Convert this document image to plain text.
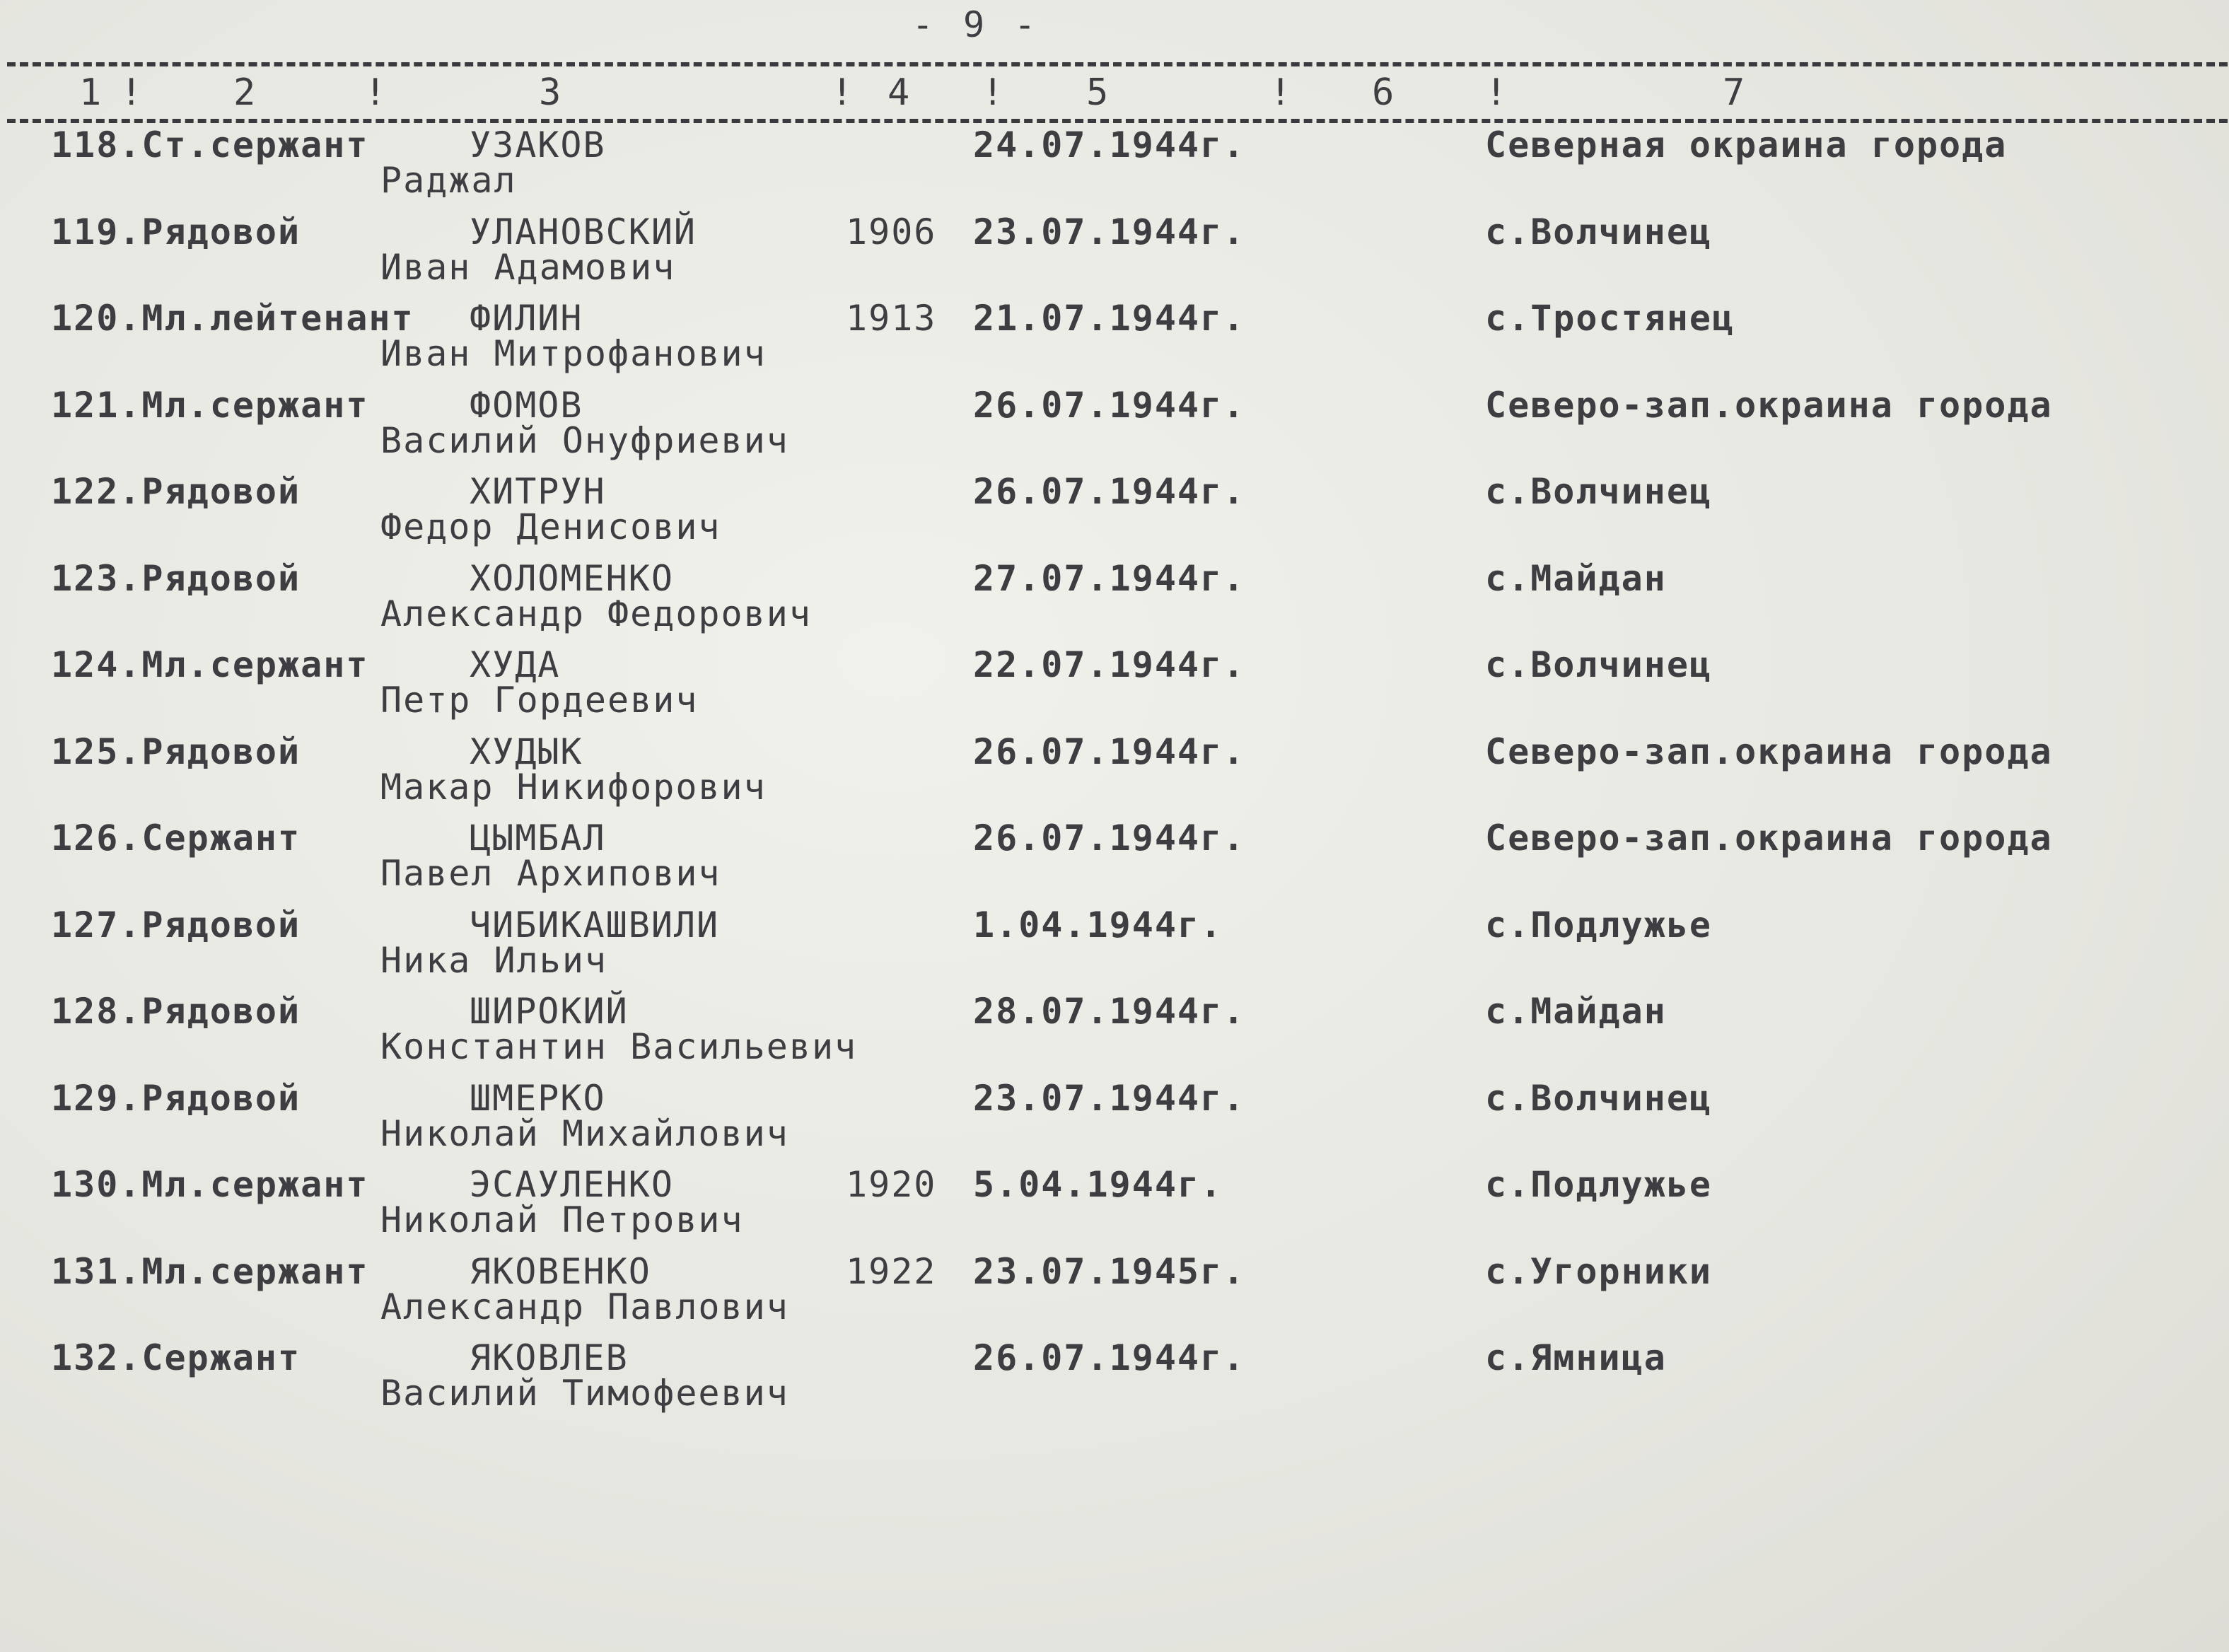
- 9 -
1 ! 2	!	3	! 4 ! 5	! 6 !	7
118.Ст.сержант	УЗАКОВ	24.07.1944г.	Северная окраина города
Раджал
119.Рядовой	УЛАНОВСКИЙ	1906 23.07.1944г.	с.Волчинец
Иван Адамович
120.Мл.лейтенант ФИЛИН	1913 21.07.1944г.	с.Тростянец
Иван Митрофанович
121.Мл.сержант	ФОМОВ	26.07.1944г.	Северо-зап.окраина города
Василий Онуфриевич
122.Рядовой	ХИТРУН	26.07.1944г.	с.Волчинец
Федор Денисович
123.Рядовой	ХОЛОМЕНКО	27.07.1944г.	с.Майдан
Александр Федорович
124.Мл.сержант	ХУДА	22.07.1944г.	с.Волчинец
Петр Гордеевич
125.Рядовой	ХУДЫК	26.07.1944г.	Северо-зап.окраина города
Макар Никифорович
126.Сержант	ЦЫМБАЛ	26.07.1944г.	Северо-зап.окраина города
Павел Архипович
127.Рядовой	ЧИБИКАШВИЛИ	1.04.1944г.	с.Подлужье
Ника Ильич
128.Рядовой	ШИРОКИЙ	28.07.1944г.	с.Майдан
Константин Васильевич
129.Рядовой	ШМЕРКО	23.07.1944г.	с.Волчинец
Николай Михайлович
130.Мл.сержант	ЭСАУЛЕНКО	1920 5.04.1944г.	с.Подлужье
Николай Петрович
131.Мл.сержант	ЯКОВЕНКО	1922 23.07.1945г.	с.Угорники
Александр Павлович
132.Сержант	ЯКОВЛЕВ	26.07.1944г.	с.Ямница
Василий Тимофеевич
